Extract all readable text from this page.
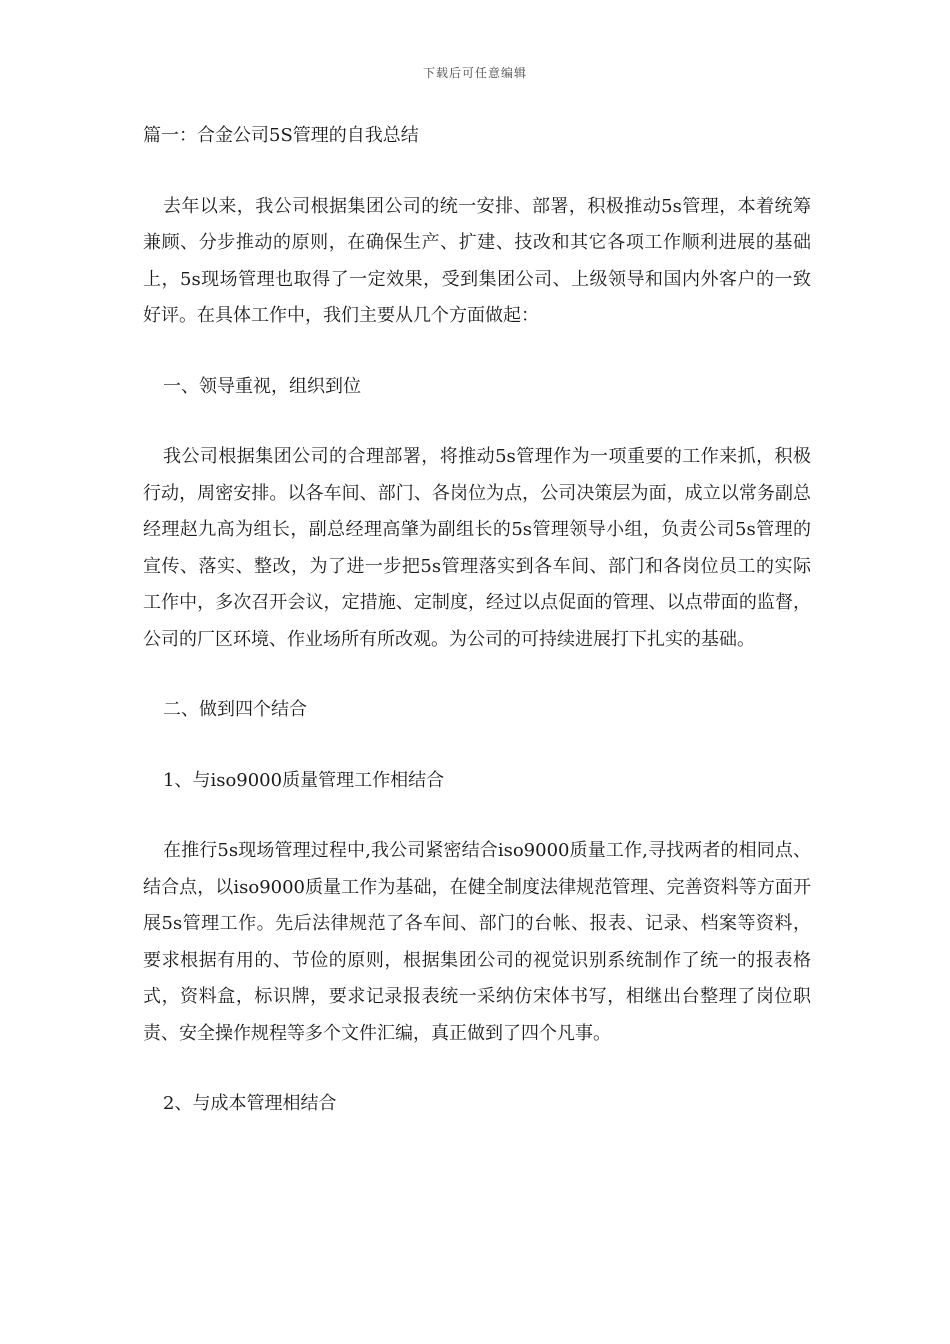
下载后可任意编辑

篇一：合金公司5S管理的自我总结

去年以来，我公司根据集团公司的统一安排、部署，积极推动5s管理，本着统筹兼顾、分步推动的原则，在确保生产、扩建、技改和其它各项工作顺利进展的基础上，5s现场管理也取得了一定效果，受到集团公司、上级领导和国内外客户的一致好评。在具体工作中，我们主要从几个方面做起：

一、领导重视，组织到位

我公司根据集团公司的合理部署，将推动5s管理作为一项重要的工作来抓，积极行动，周密安排。以各车间、部门、各岗位为点，公司决策层为面，成立以常务副总经理赵九高为组长，副总经理高肇为副组长的5s管理领导小组，负责公司5s管理的宣传、落实、整改，为了进一步把5s管理落实到各车间、部门和各岗位员工的实际工作中，多次召开会议，定措施、定制度，经过以点促面的管理、以点带面的监督，公司的厂区环境、作业场所有所改观。为公司的可持续进展打下扎实的基础。

二、做到四个结合

1、与iso9000质量管理工作相结合

在推行5s现场管理过程中,我公司紧密结合iso9000质量工作,寻找两者的相同点、结合点，以iso9000质量工作为基础，在健全制度法律规范管理、完善资料等方面开展5s管理工作。先后法律规范了各车间、部门的台帐、报表、记录、档案等资料，要求根据有用的、节俭的原则，根据集团公司的视觉识别系统制作了统一的报表格式，资料盒，标识牌，要求记录报表统一采纳仿宋体书写，相继出台整理了岗位职责、安全操作规程等多个文件汇编，真正做到了四个凡事。

2、与成本管理相结合
